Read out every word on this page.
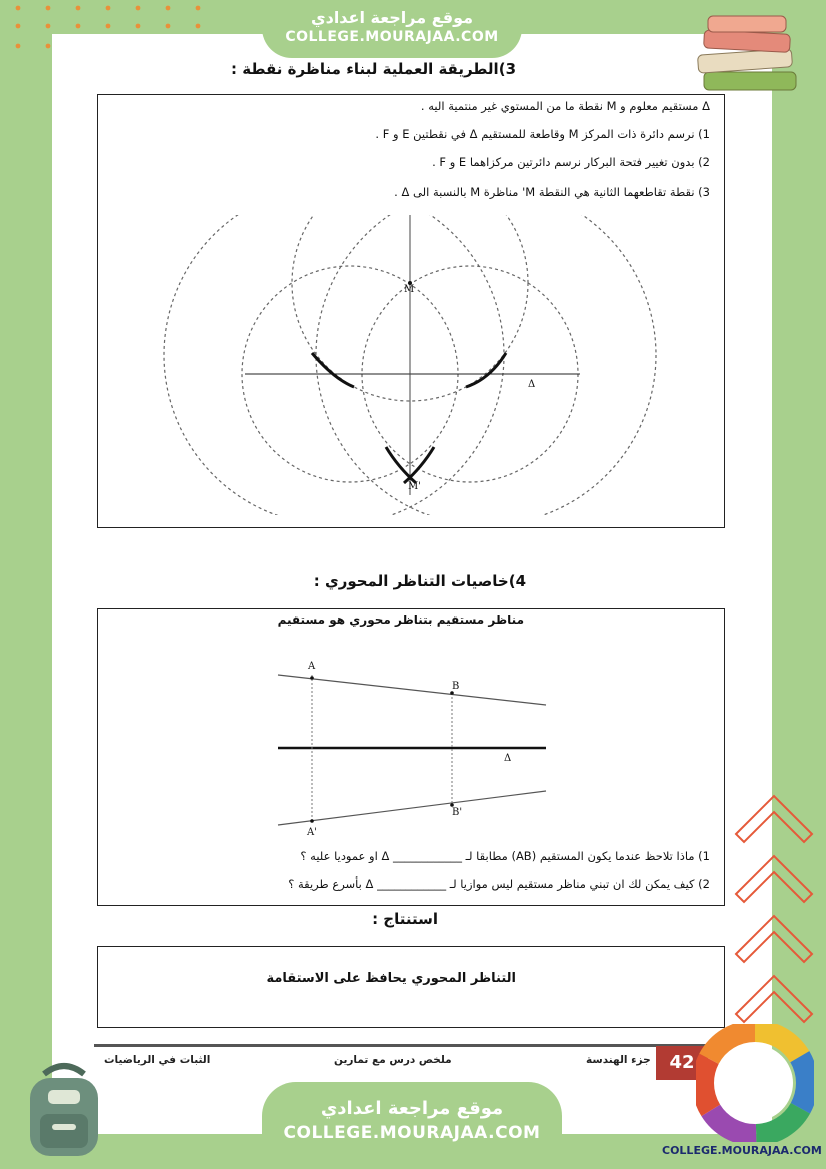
موقع مراجعة اعدادي
COLLEGE.MOURAJAA.COM
3)الطريقة العملية لبناء مناظرة نقطة :
Δ مستقيم معلوم و M نقطة ما من المستوي غير منتمية اليه .
1) نرسم دائرة ذات المركز M وقاطعة للمستقيم Δ في نقطتين E و F .
2) بدون تغيير فتحة البركار نرسم دائرتين مركزاهما E و F .
3) نقطة تقاطعهما الثانية هي النقطة M' مناظرة M بالنسبة الى Δ .
M
M'
Δ
4)خاصيات التناظر المحوري :
مناظر مستقيم بتناظر محوري هو مستقيم
A
B
A'
B'
Δ
1) ماذا تلاحظ عندما يكون المستقيم (AB) مطابقا لـ ____________ Δ او عموديا عليه ؟
2) كيف يمكن لك ان تبني مناظر مستقيم ليس موازيا لـ ____________ Δ بأسرع طريقة ؟
استنتاج :
التناظر المحوري يحافظ على الاستقامة
الثبات في الرياضيات	ملخص درس مع تمارين	جزء الهندسة	42
موقع مراجعة اعدادي
COLLEGE.MOURAJAA.COM
COLLEGE.MOURAJAA.COM
